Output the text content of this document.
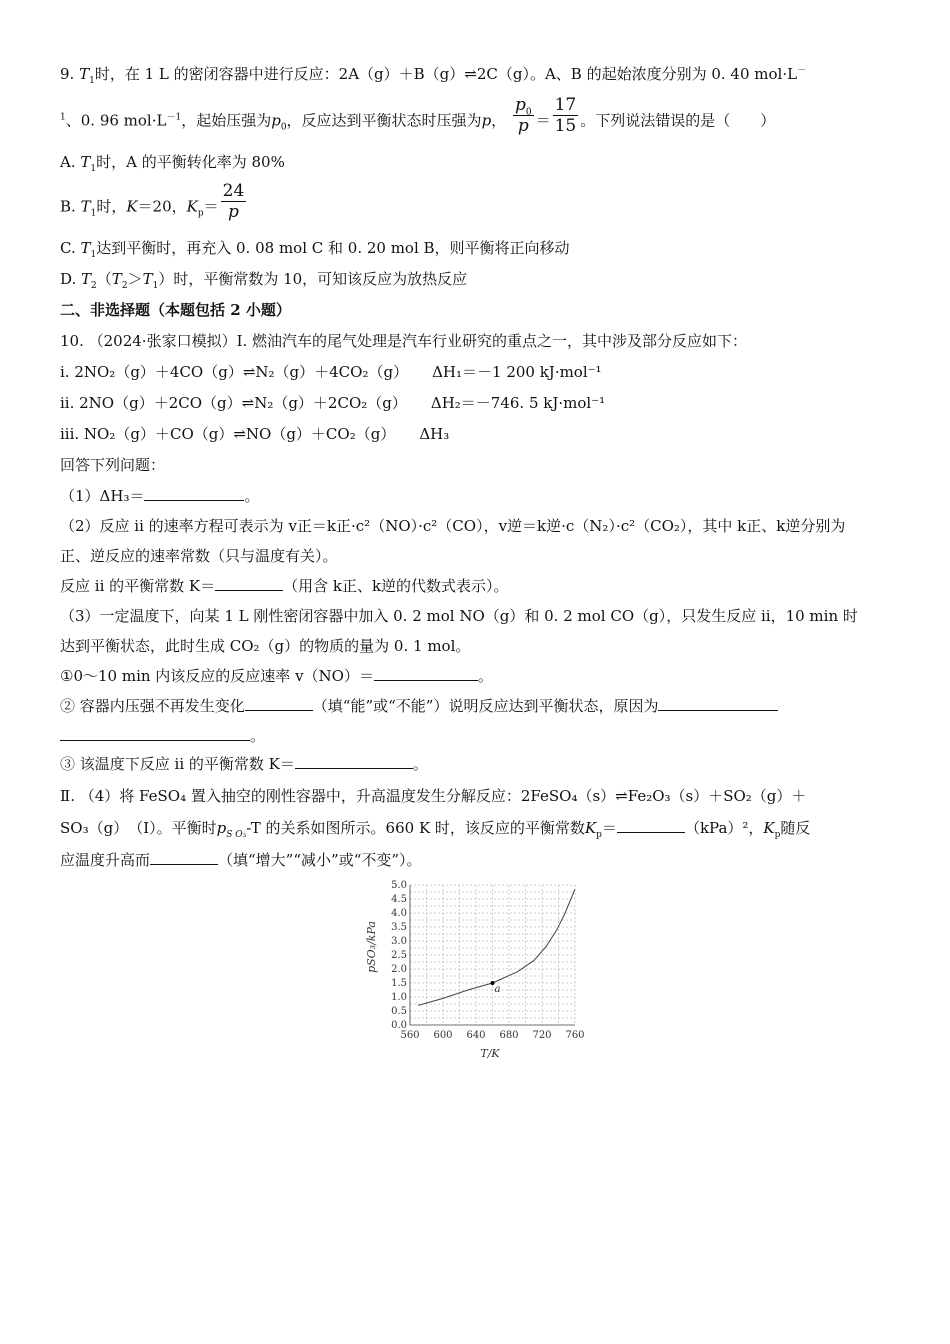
9. $T_1$时，在 1 L 的密闭容器中进行反应：2A（g）＋B（g）⇌2C（g）。A、B 的起始浓度分别为 0. 40 mol·L－
$^1$、0. 96 $mol\cdot L^{-1}$，起始压强为$p_0$，反应达到平衡状态时压强为p， $\frac{p_0}{p} = \frac{17}{15}$ 。下列说法错误的是（　　）
A. $T_1$时，A 的平衡转化率为 80%
B. $T_1$时，K＝20，$K_p= \frac{24}{p}$
C. $T_1$达到平衡时，再充入 0. 08 mol C 和 0. 20 mol B，则平衡将正向移动
D. $T_2(T_2>T_1)$时，平衡常数为 10，可知该反应为放热反应
二、非选择题（本题包括 2 小题）
10. （2024·张家口模拟）Ⅰ. 燃油汽车的尾气处理是汽车行业研究的重点之一，其中涉及部分反应如下：
i. 2NO₂（g）＋4CO（g）⇌N₂（g）＋4CO₂（g） ΔH₁＝－1 200 kJ·mol⁻¹
ii. 2NO（g）＋2CO（g）⇌N₂（g）＋2CO₂（g） ΔH₂＝－746. 5 kJ·mol⁻¹
iii. NO₂（g）＋CO（g）⇌NO（g）＋CO₂（g） ΔH₃
回答下列问题：
（1）ΔH₃＝	。
（2）反应 ii 的速率方程可表示为 v正＝k正·c²（NO）·c²（CO），v逆＝k逆·c（N₂）·c²（CO₂），其中 k正、k逆分别为
正、逆反应的速率常数（只与温度有关）。
反应 ii 的平衡常数 K＝	（用含 k正、k逆的代数式表示）。
（3）一定温度下，向某 1 L 刚性密闭容器中加入 0. 2 mol NO（g）和 0. 2 mol CO（g），只发生反应 ii，10 min 时
达到平衡状态，此时生成 CO₂（g）的物质的量为 0. 1 mol。
①0～10 min 内该反应的反应速率 v（NO）＝	。
② 容器内压强不再发生变化	（填“能”或“不能”）说明反应达到平衡状态，原因为
。
③ 该温度下反应 ii 的平衡常数 K＝	。
Ⅱ. （4）将 FeSO₄ 置入抽空的刚性容器中，升高温度发生分解反应：2FeSO₄（s）⇌Fe₂O₃（s）＋SO₂（g）＋
SO₃（g）　（Ⅰ）。平衡时$p_{S O_3}-T$ 的关系如图所示。660 K 时，该反应的平衡常数$K_p=$	（kPa）²，$K_p$随反
应温度升高而	（填“增大”“减小”或“不变”）。
0.0
0.5
1.0
1.5
2.0
2.5
3.0
3.5
4.0
4.5
5.0
560 600 640 680 720 760
pSO₃/kPa
T/K
a
